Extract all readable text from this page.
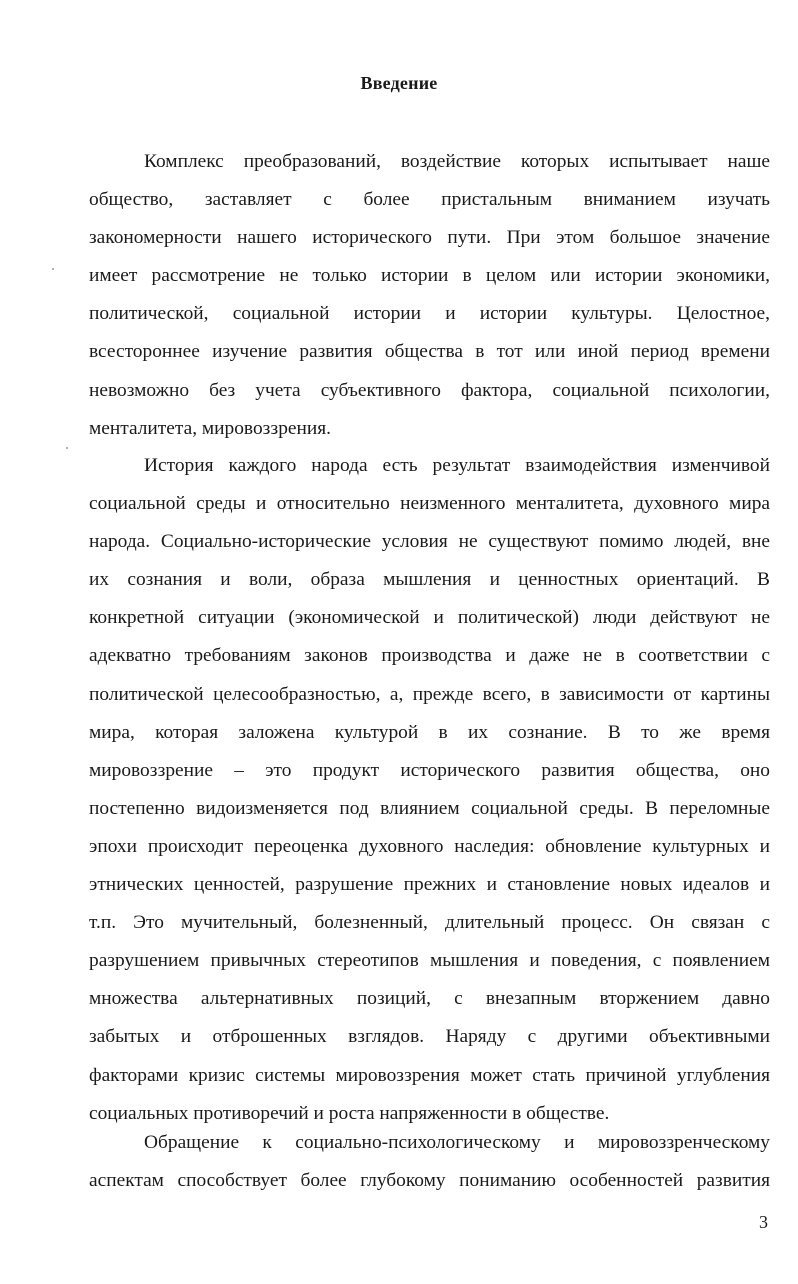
Введение
Комплекс преобразований, воздействие которых испытывает наше
общество, заставляет с более пристальным вниманием изучать
закономерности нашего исторического пути. При этом большое значение
имеет рассмотрение не только истории в целом или истории экономики,
политической, социальной истории и истории культуры. Целостное,
всестороннее изучение развития общества в тот или иной период времени
невозможно без учета субъективного фактора, социальной психологии,
менталитета, мировоззрения.
История каждого народа есть результат взаимодействия изменчивой
социальной среды и относительно неизменного менталитета, духовного мира
народа. Социально-исторические условия не существуют помимо людей, вне
их сознания и воли, образа мышления и ценностных ориентаций. В
конкретной ситуации (экономической и политической) люди действуют не
адекватно требованиям законов производства и даже не в соответствии с
политической целесообразностью, а, прежде всего, в зависимости от картины
мира, которая заложена культурой в их сознание. В то же время
мировоззрение – это продукт исторического развития общества, оно
постепенно видоизменяется под влиянием социальной среды. В переломные
эпохи происходит переоценка духовного наследия: обновление культурных и
этнических ценностей, разрушение прежних и становление новых идеалов и
т.п. Это мучительный, болезненный, длительный процесс. Он связан с
разрушением привычных стереотипов мышления и поведения, с появлением
множества альтернативных позиций, с внезапным вторжением давно
забытых и отброшенных взглядов. Наряду с другими объективными
факторами кризис системы мировоззрения может стать причиной углубления
социальных противоречий и роста напряженности в обществе.
Обращение к социально-психологическому и мировоззренческому
аспектам способствует более глубокому пониманию особенностей развития
3
